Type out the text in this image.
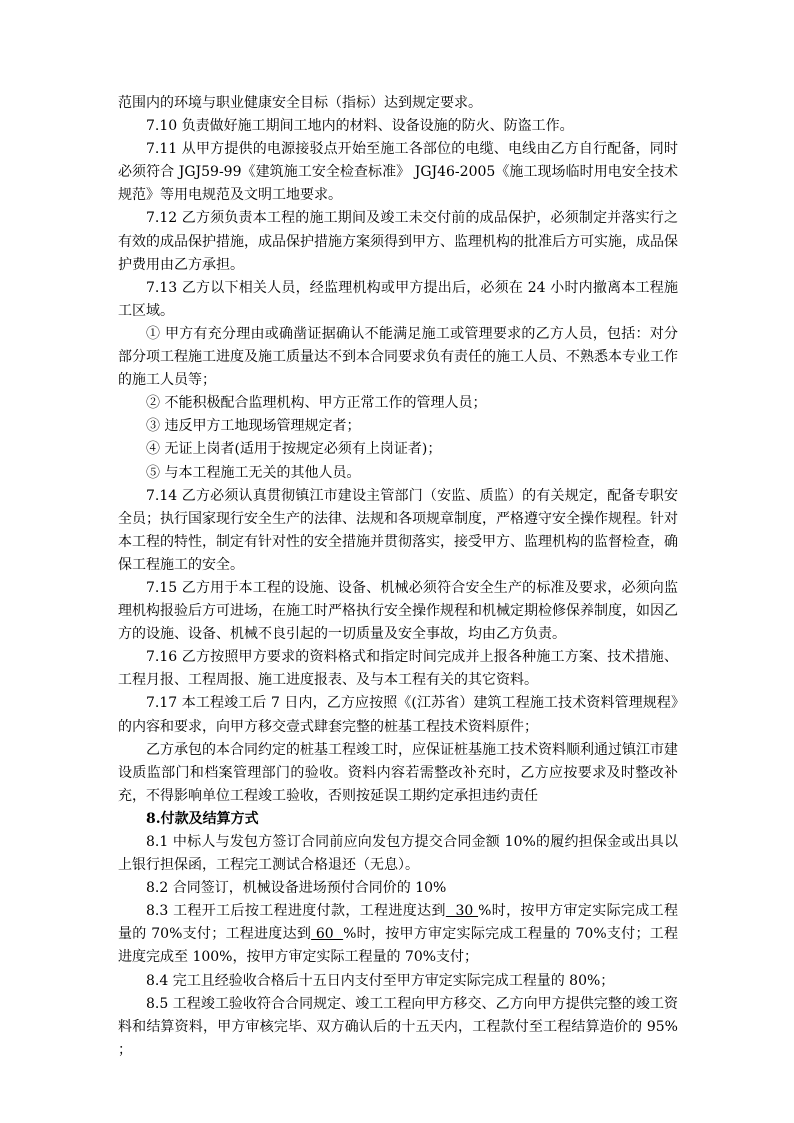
范围内的环境与职业健康安全目标（指标）达到规定要求。

7.10 负责做好施工期间工地内的材料、设备设施的防火、防盗工作。

7.11 从甲方提供的电源接驳点开始至施工各部位的电缆、电线由乙方自行配备，同时必须符合 JGJ59-99《建筑施工安全检查标准》 JGJ46-2005《施工现场临时用电安全技术规范》等用电规范及文明工地要求。

7.12 乙方须负责本工程的施工期间及竣工未交付前的成品保护，必须制定并落实行之有效的成品保护措施，成品保护措施方案须得到甲方、监理机构的批准后方可实施，成品保护费用由乙方承担。

7.13 乙方以下相关人员，经监理机构或甲方提出后，必须在 24 小时内撤离本工程施工区域。

① 甲方有充分理由或确凿证据确认不能满足施工或管理要求的乙方人员，包括：对分部分项工程施工进度及施工质量达不到本合同要求负有责任的施工人员、不熟悉本专业工作的施工人员等；

② 不能积极配合监理机构、甲方正常工作的管理人员；

③ 违反甲方工地现场管理规定者；

④ 无证上岗者(适用于按规定必须有上岗证者)；

⑤ 与本工程施工无关的其他人员。

7.14 乙方必须认真贯彻镇江市建设主管部门（安监、质监）的有关规定，配备专职安全员；执行国家现行安全生产的法律、法规和各项规章制度，严格遵守安全操作规程。针对本工程的特性，制定有针对性的安全措施并贯彻落实，接受甲方、监理机构的监督检查，确保工程施工的安全。

7.15 乙方用于本工程的设施、设备、机械必须符合安全生产的标准及要求，必须向监理机构报验后方可进场，在施工时严格执行安全操作规程和机械定期检修保养制度，如因乙方的设施、设备、机械不良引起的一切质量及安全事故，均由乙方负责。

7.16 乙方按照甲方要求的资料格式和指定时间完成并上报各种施工方案、技术措施、工程月报、工程周报、施工进度报表、及与本工程有关的其它资料。

7.17 本工程竣工后 7 日内，乙方应按照《(江苏省）建筑工程施工技术资料管理规程》的内容和要求，向甲方移交壹式肆套完整的桩基工程技术资料原件；

乙方承包的本合同约定的桩基工程竣工时，应保证桩基施工技术资料顺利通过镇江市建设质监部门和档案管理部门的验收。资料内容若需整改补充时，乙方应按要求及时整改补充，不得影响单位工程竣工验收，否则按延误工期约定承担违约责任

8.付款及结算方式

8.1 中标人与发包方签订合同前应向发包方提交合同金额 10%的履约担保金或出具以上银行担保函，工程完工测试合格退还（无息）。

8.2 合同签订，机械设备进场预付合同价的 10%

8.3 工程开工后按工程进度付款，工程进度达到  30 %时，按甲方审定实际完成工程量的 70%支付；工程进度达到 60  %时，按甲方审定实际完成工程量的 70%支付；工程进度完成至 100%，按甲方审定实际工程量的 70%支付；

8.4 完工且经验收合格后十五日内支付至甲方审定实际完成工程量的 80%；

8.5 工程竣工验收符合合同规定、竣工工程向甲方移交、乙方向甲方提供完整的竣工资料和结算资料，甲方审核完毕、双方确认后的十五天内，工程款付至工程结算造价的 95% ；
